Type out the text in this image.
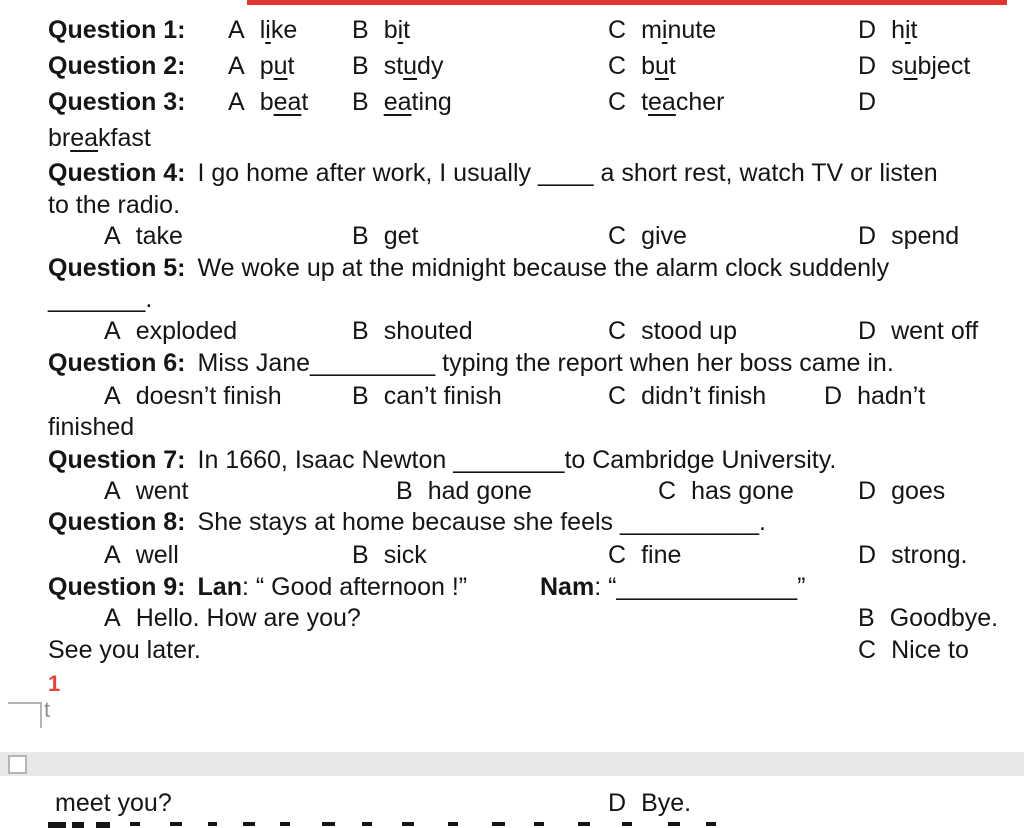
Question 1: A like B bit	C minute	D hit
Question 2: A put B study	C but	D subject
Question 3: A beat B eating	C teacher	D
breakfast
Question 4: I go home after work, I usually ____ a short rest, watch TV or listen
to the radio.
A take	B get	C give	D spend
Question 5: We woke up at the midnight because the alarm clock suddenly
_______.
A exploded	B shouted	C stood up	D went off
Question 6: Miss Jane_________ typing the report when her boss came in.
A doesn’t finish	B can’t finish	C didn’t finish D hadn’t
finished
Question 7: In 1660, Isaac Newton ________to Cambridge University.
A went	B had gone	C has gone	D goes
Question 8: She stays at home because she feels __________.
A well	B sick	C fine	D strong.
Question 9: Lan: “ Good afternoon !”	Nam: “_____________”
A Hello. How are you?	B Goodbye.
See you later.	C Nice to
1
t
meet you?	D Bye.
